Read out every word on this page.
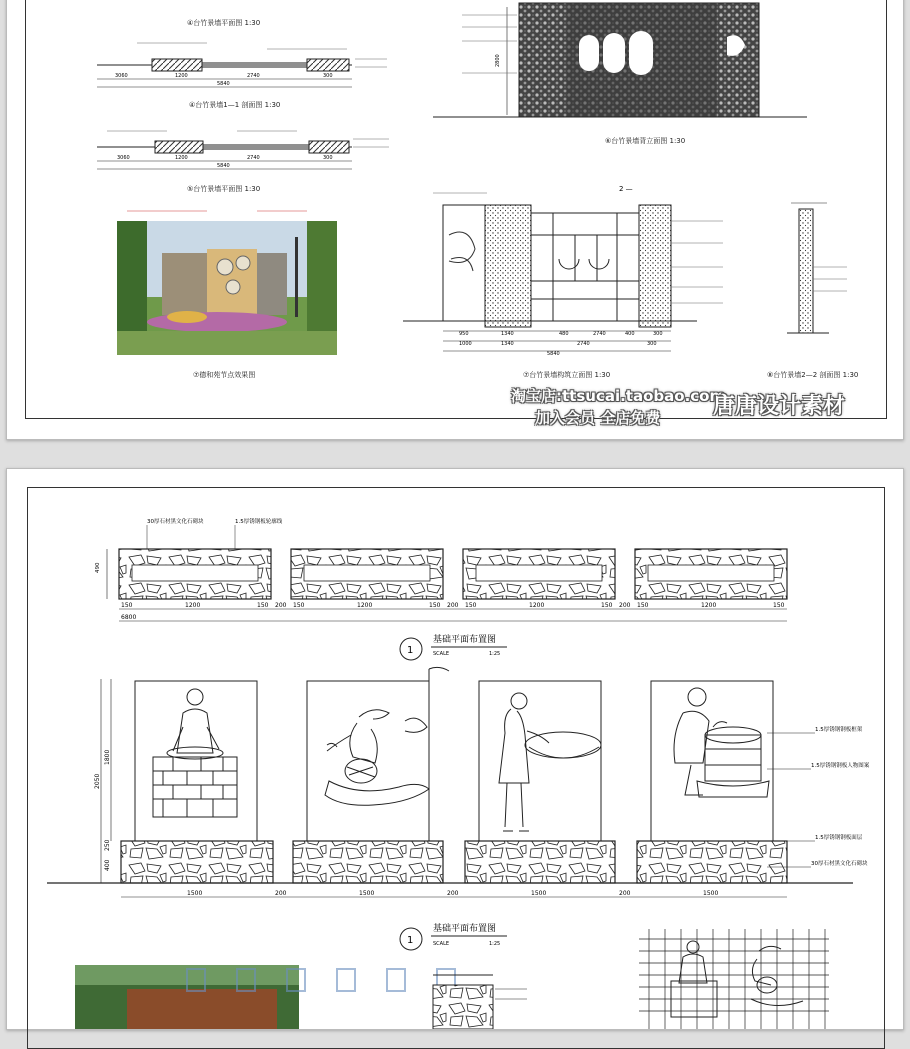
④台竹景墙平面图 1:30
3060	1200	2740	300
5840
④台竹景墙1—1 剖面图 1:30
3060	1200	2740	300
5840
⑤台竹景墙平面图 1:30
⑦德和苑节点效果图
2800
⑥台竹景墙背立面图 1:30
2 —
950	1340	480	2740	400	300
1000	1340	2740	300
5840
⑦台竹景墙构筑立面图 1:30	⑧台竹景墙2—2 剖面图 1:30
淘宝店:ttsucai.taobao.com
加入会员 全店免费 唐唐设计素材
30厚石材黑文化石砌块	1.5厚锈钢板轮廓线
490
150	1200	150 200 150	1200	150 200 150	1200	150 200 150	1200	150
6800
1
基础平面布置图
SCALE	1:25
2050
1800
250
400
1500	200	1500	200	1500	200	1500
1.5厚锈钢钢板框架
1.5厚锈钢钢板人物图案
1.5厚锈钢钢板面层
30厚石材黑文化石砌块
1
基础平面布置图
SCALE	1:25
